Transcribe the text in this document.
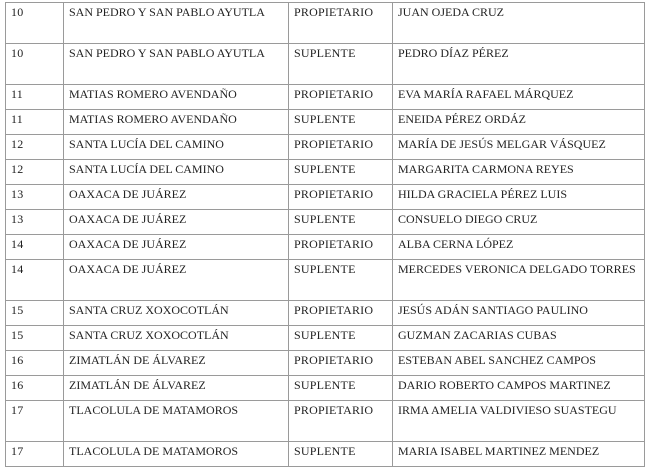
10	SAN PEDRO Y SAN PABLO AYUTLA	PROPIETARIO	JUAN OJEDA CRUZ
10	SAN PEDRO Y SAN PABLO AYUTLA	SUPLENTE	PEDRO DÍAZ PÉREZ
11	MATIAS ROMERO AVENDAÑO	PROPIETARIO	EVA MARÍA RAFAEL MÁRQUEZ
11	MATIAS ROMERO AVENDAÑO	SUPLENTE	ENEIDA PÉREZ ORDÁZ
12	SANTA LUCÍA DEL CAMINO	PROPIETARIO	MARÍA DE JESÚS MELGAR VÁSQUEZ
12	SANTA LUCÍA DEL CAMINO	SUPLENTE	MARGARITA CARMONA REYES
13	OAXACA DE JUÁREZ	PROPIETARIO	HILDA GRACIELA PÉREZ LUIS
13	OAXACA DE JUÁREZ	SUPLENTE	CONSUELO DIEGO CRUZ
14	OAXACA DE JUÁREZ	PROPIETARIO	ALBA CERNA LÓPEZ
14	OAXACA DE JUÁREZ	SUPLENTE	MERCEDES VERONICA DELGADO TORRES
15	SANTA CRUZ XOXOCOTLÁN	PROPIETARIO	JESÚS ADÁN SANTIAGO PAULINO
15	SANTA CRUZ XOXOCOTLÁN	SUPLENTE	GUZMAN ZACARIAS CUBAS
16	ZIMATLÁN DE ÁLVAREZ	PROPIETARIO	ESTEBAN ABEL SANCHEZ CAMPOS
16	ZIMATLÁN DE ÁLVAREZ	SUPLENTE	DARIO ROBERTO CAMPOS MARTINEZ
17	TLACOLULA DE MATAMOROS	PROPIETARIO	IRMA AMELIA VALDIVIESO SUASTEGU
17	TLACOLULA DE MATAMOROS	SUPLENTE	MARIA ISABEL MARTINEZ MENDEZ
